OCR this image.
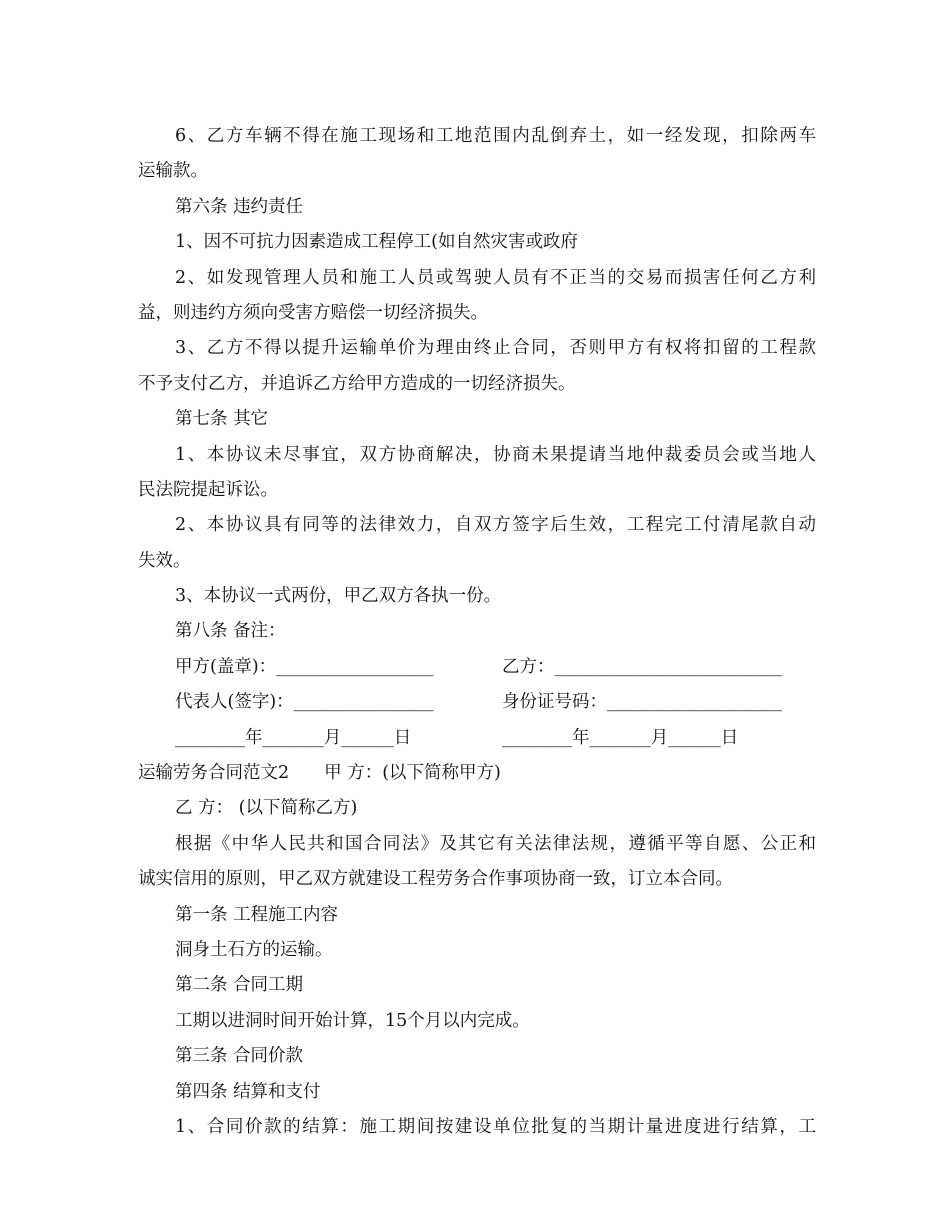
6、乙方车辆不得在施工现场和工地范围内乱倒弃土，如一经发现，扣除两车
运输款。
第六条 违约责任
1、因不可抗力因素造成工程停工(如自然灾害或政府
2、如发现管理人员和施工人员或驾驶人员有不正当的交易而损害任何乙方利
益，则违约方须向受害方赔偿一切经济损失。
3、乙方不得以提升运输单价为理由终止合同，否则甲方有权将扣留的工程款
不予支付乙方，并追诉乙方给甲方造成的一切经济损失。
第七条 其它
1、本协议未尽事宜，双方协商解决，协商未果提请当地仲裁委员会或当地人
民法院提起诉讼。
2、本协议具有同等的法律效力，自双方签字后生效，工程完工付清尾款自动
失效。
3、本协议一式两份，甲乙双方各执一份。
第八条 备注：
甲方(盖章)：__________________	乙方：__________________________
代表人(签字)：________________	身份证号码：____________________
________年_______月______日	________年_______月______日
运输劳务合同范文2　　甲 方：(以下简称甲方)
乙 方： (以下简称乙方)
根据《中华人民共和国合同法》及其它有关法律法规，遵循平等自愿、公正和
诚实信用的原则，甲乙双方就建设工程劳务合作事项协商一致，订立本合同。
第一条 工程施工内容
洞身土石方的运输。
第二条 合同工期
工期以进洞时间开始计算，15个月以内完成。
第三条 合同价款
第四条 结算和支付
1、合同价款的结算：施工期间按建设单位批复的当期计量进度进行结算，工
